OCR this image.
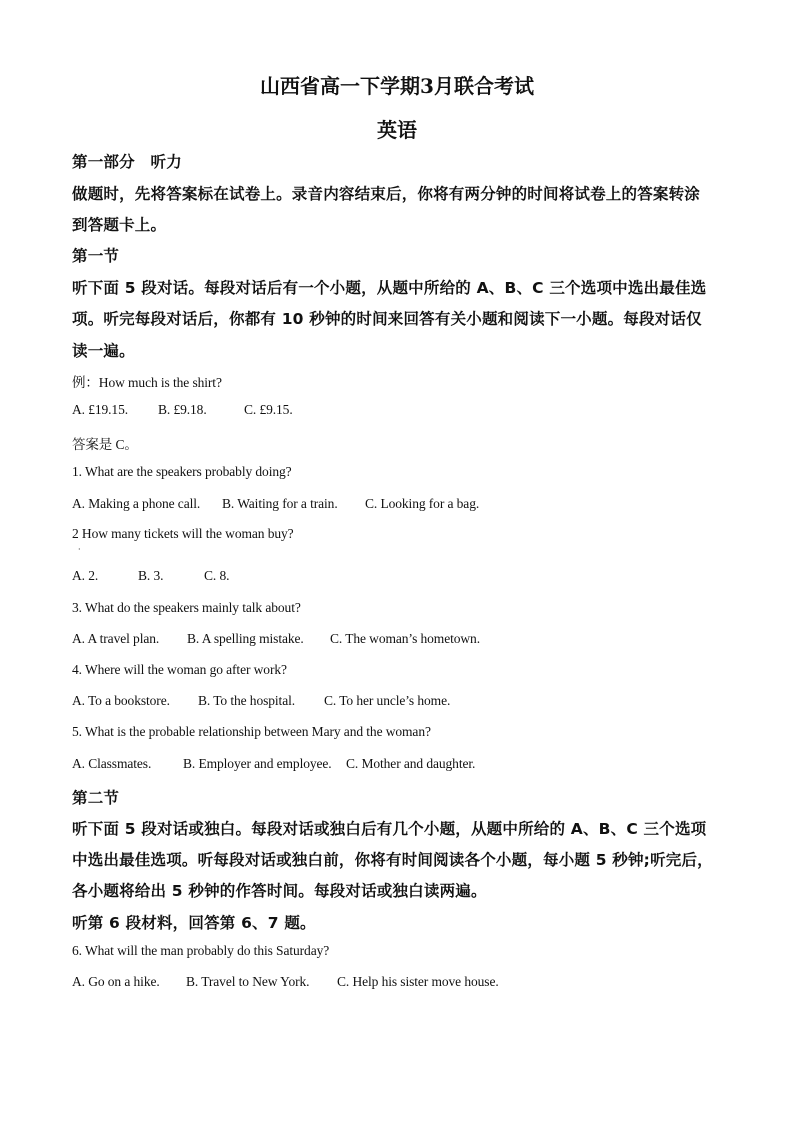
山西省高一下学期3月联合考试
英语
第一部分　听力
做题时，先将答案标在试卷上。录音内容结束后，你将有两分钟的时间将试卷上的答案转涂
到答题卡上。
第一节
听下面 5 段对话。每段对话后有一个小题，从题中所给的 A、B、C 三个选项中选出最佳选
项。听完每段对话后，你都有 10 秒钟的时间来回答有关小题和阅读下一小题。每段对话仅
读一遍。
例：How much is the shirt?
A. £19.15. B. £9.18.	C. £9.15.
答案是 C。
1. What are the speakers probably doing?
A. Making a phone call. B. Waiting for a train. C. Looking for a bag.
2 How many tickets will the woman buy?
·
A. 2.	B. 3.	C. 8.
3. What do the speakers mainly talk about?
A. A travel plan. B. A spelling mistake. C. The woman’s hometown.
4. Where will the woman go after work?
A. To a bookstore. B. To the hospital. C. To her uncle’s home.
5. What is the probable relationship between Mary and the woman?
A. Classmates. B. Employer and employee. C. Mother and daughter.
第二节
听下面 5 段对话或独白。每段对话或独白后有几个小题，从题中所给的 A、B、C 三个选项
中选出最佳选项。听每段对话或独白前，你将有时间阅读各个小题，每小题 5 秒钟;听完后，
各小题将给出 5 秒钟的作答时间。每段对话或独白读两遍。
听第 6 段材料，回答第 6、7 题。
6. What will the man probably do this Saturday?
A. Go on a hike. B. Travel to New York. C. Help his sister move house.
